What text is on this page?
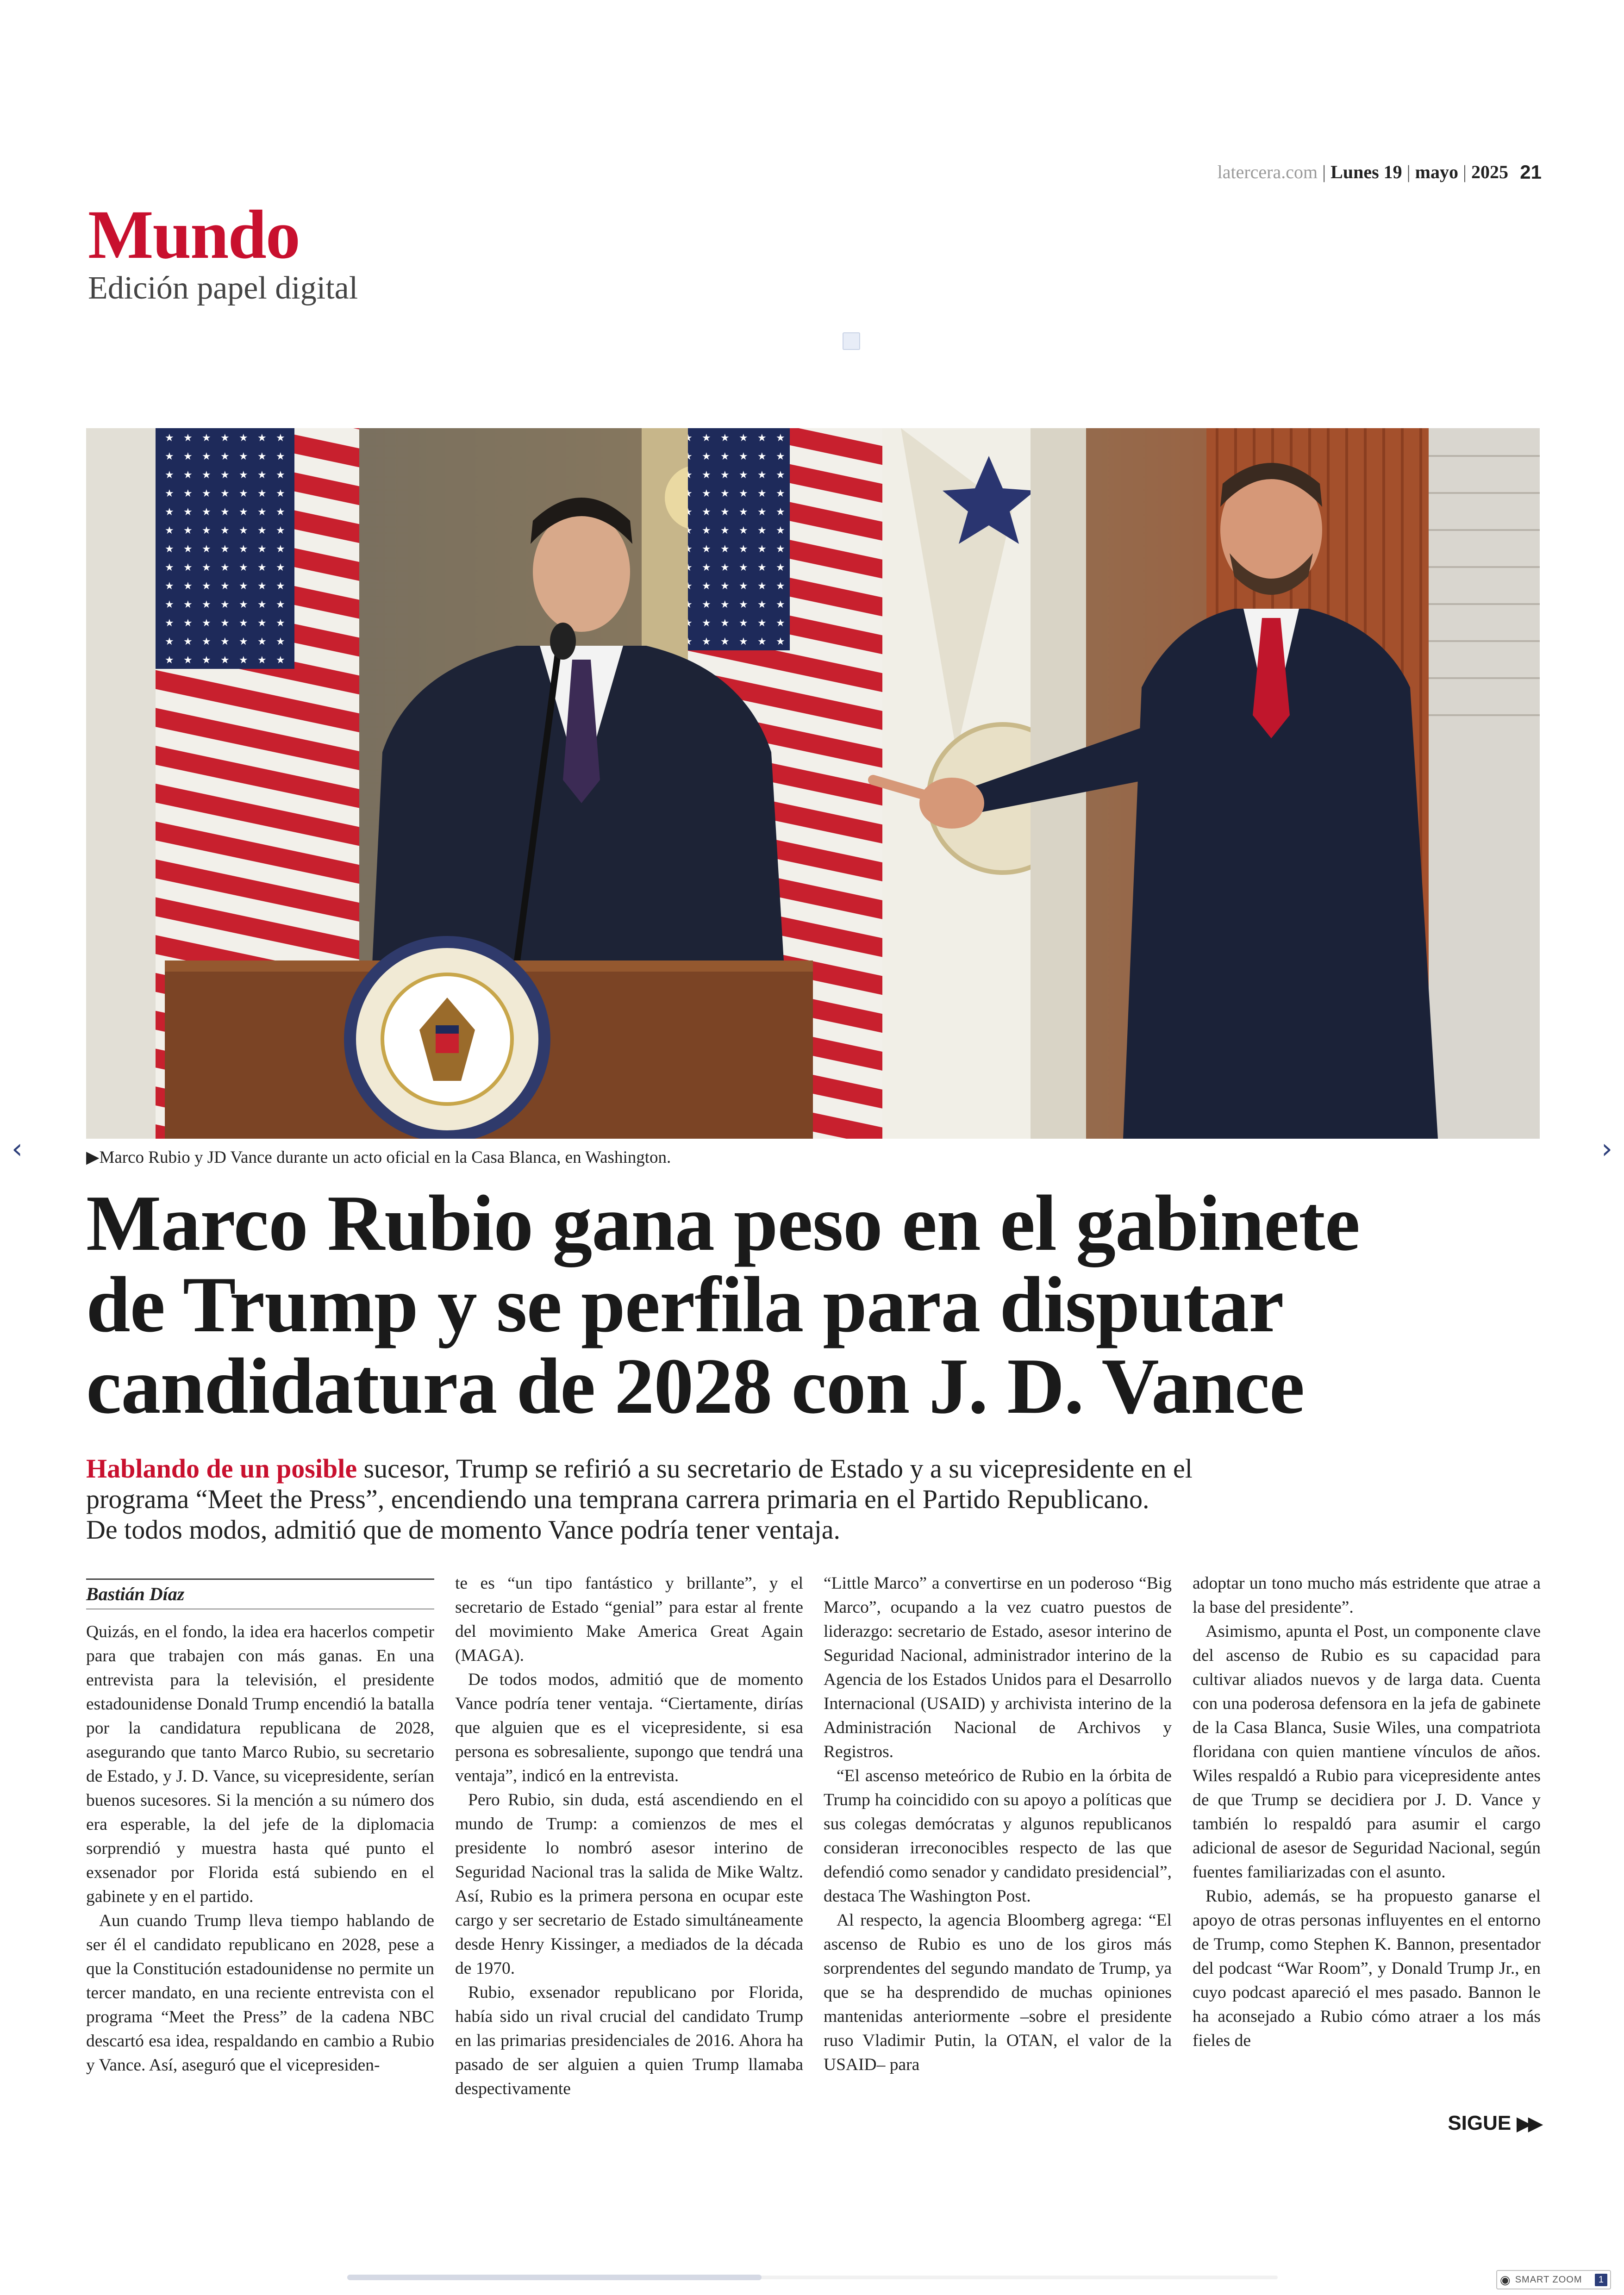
latercera.com | Lunes 19 | mayo | 2025 21
Mundo
Edición papel digital
▶Marco Rubio y JD Vance durante un acto oficial en la Casa Blanca, en Washington.
‹	›
Marco Rubio gana peso en el gabinete
de Trump y se perfila para disputar
candidatura de 2028 con J. D. Vance
Hablando de un posible sucesor, Trump se refirió a su secretario de Estado y a su vicepresidente en el
programa “Meet the Press”, encendiendo una temprana carrera primaria en el Partido Republicano.
De todos modos, admitió que de momento Vance podría tener ventaja.
Bastián Díaz

Quizás, en el fondo, la idea era hacerlos competir para que trabajen con más ganas. En una entrevista para la televisión, el presidente estadounidense Donald Trump encendió la batalla por la candidatura republicana de 2028, asegurando que tanto Marco Rubio, su secretario de Estado, y J. D. Vance, su vicepresidente, serían buenos sucesores. Si la mención a su número dos era esperable, la del jefe de la diplomacia sorprendió y muestra hasta qué punto el exsenador por Florida está subiendo en el gabinete y en el partido.

Aun cuando Trump lleva tiempo hablando de ser él el candidato republicano en 2028, pese a que la Constitución estadounidense no permite un tercer mandato, en una reciente entrevista con el programa “Meet the Press” de la cadena NBC descartó esa idea, respaldando en cambio a Rubio y Vance. Así, aseguró que el vicepresiden-

te es “un tipo fantástico y brillante”, y el secretario de Estado “genial” para estar al frente del movimiento Make America Great Again (MAGA).

De todos modos, admitió que de momento Vance podría tener ventaja. “Ciertamente, dirías que alguien que es el vicepresidente, si esa persona es sobresaliente, supongo que tendrá una ventaja”, indicó en la entrevista.

Pero Rubio, sin duda, está ascendiendo en el mundo de Trump: a comienzos de mes el presidente lo nombró asesor interino de Seguridad Nacional tras la salida de Mike Waltz. Así, Rubio es la primera persona en ocupar este cargo y ser secretario de Estado simultáneamente desde Henry Kissinger, a mediados de la década de 1970.

Rubio, exsenador republicano por Florida, había sido un rival crucial del candidato Trump en las primarias presidenciales de 2016. Ahora ha pasado de ser alguien a quien Trump llamaba despectivamente

“Little Marco” a convertirse en un poderoso “Big Marco”, ocupando a la vez cuatro puestos de liderazgo: secretario de Estado, asesor interino de Seguridad Nacional, administrador interino de la Agencia de los Estados Unidos para el Desarrollo Internacional (USAID) y archivista interino de la Administración Nacional de Archivos y Registros.

“El ascenso meteórico de Rubio en la órbita de Trump ha coincidido con su apoyo a políticas que sus colegas demócratas y algunos republicanos consideran irreconocibles respecto de las que defendió como senador y candidato presidencial”, destaca The Washington Post.

Al respecto, la agencia Bloomberg agrega: “El ascenso de Rubio es uno de los giros más sorprendentes del segundo mandato de Trump, ya que se ha desprendido de muchas opiniones mantenidas anteriormente –sobre el presidente ruso Vladimir Putin, la OTAN, el valor de la USAID– para

adoptar un tono mucho más estridente que atrae a la base del presidente”.

Asimismo, apunta el Post, un componente clave del ascenso de Rubio es su capacidad para cultivar aliados nuevos y de larga data. Cuenta con una poderosa defensora en la jefa de gabinete de la Casa Blanca, Susie Wiles, una compatriota floridana con quien mantiene vínculos de años. Wiles respaldó a Rubio para vicepresidente antes de que Trump se decidiera por J. D. Vance y también lo respaldó para asumir el cargo adicional de asesor de Seguridad Nacional, según fuentes familiarizadas con el asunto.

Rubio, además, se ha propuesto ganarse el apoyo de otras personas influyentes en el entorno de Trump, como Stephen K. Bannon, presentador del podcast “War Room”, y Donald Trump Jr., en cuyo podcast apareció el mes pasado. Bannon le ha aconsejado a Rubio cómo atraer a los más fieles de

SIGUE ▶▶
◉ SMART ZOOM	1
